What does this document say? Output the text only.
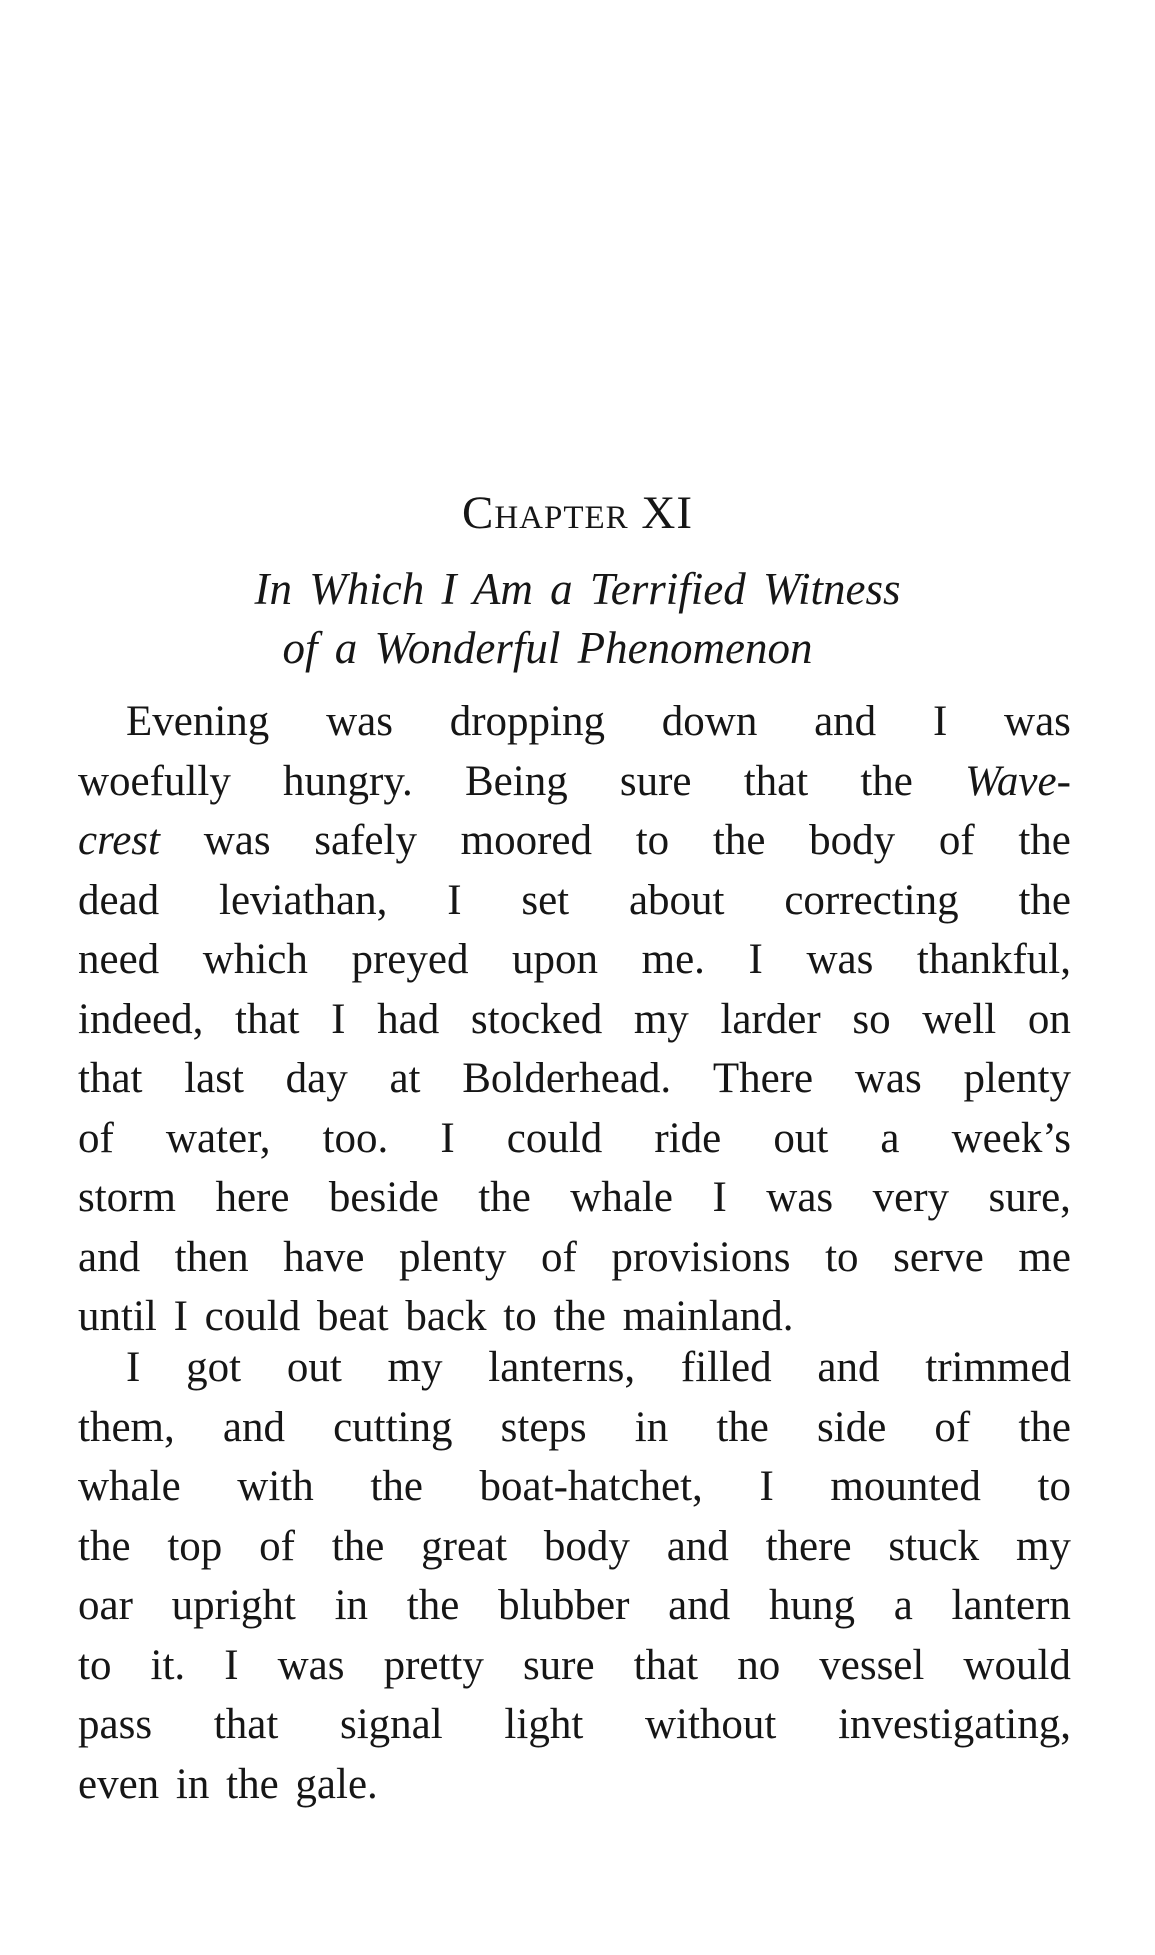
Chapter XI
In Which I Am a Terrified Witness
of a Wonderful Phenomenon
Evening was dropping down and I was
woefully hungry. Being sure that the Wave-
crest was safely moored to the body of the
dead leviathan, I set about correcting the
need which preyed upon me. I was thankful,
indeed, that I had stocked my larder so well on
that last day at Bolderhead. There was plenty
of water, too. I could ride out a week’s
storm here beside the whale I was very sure,
and then have plenty of provisions to serve me
until I could beat back to the mainland.
I got out my lanterns, filled and trimmed
them, and cutting steps in the side of the
whale with the boat-hatchet, I mounted to
the top of the great body and there stuck my
oar upright in the blubber and hung a lantern
to it. I was pretty sure that no vessel would
pass that signal light without investigating,
even in the gale.
